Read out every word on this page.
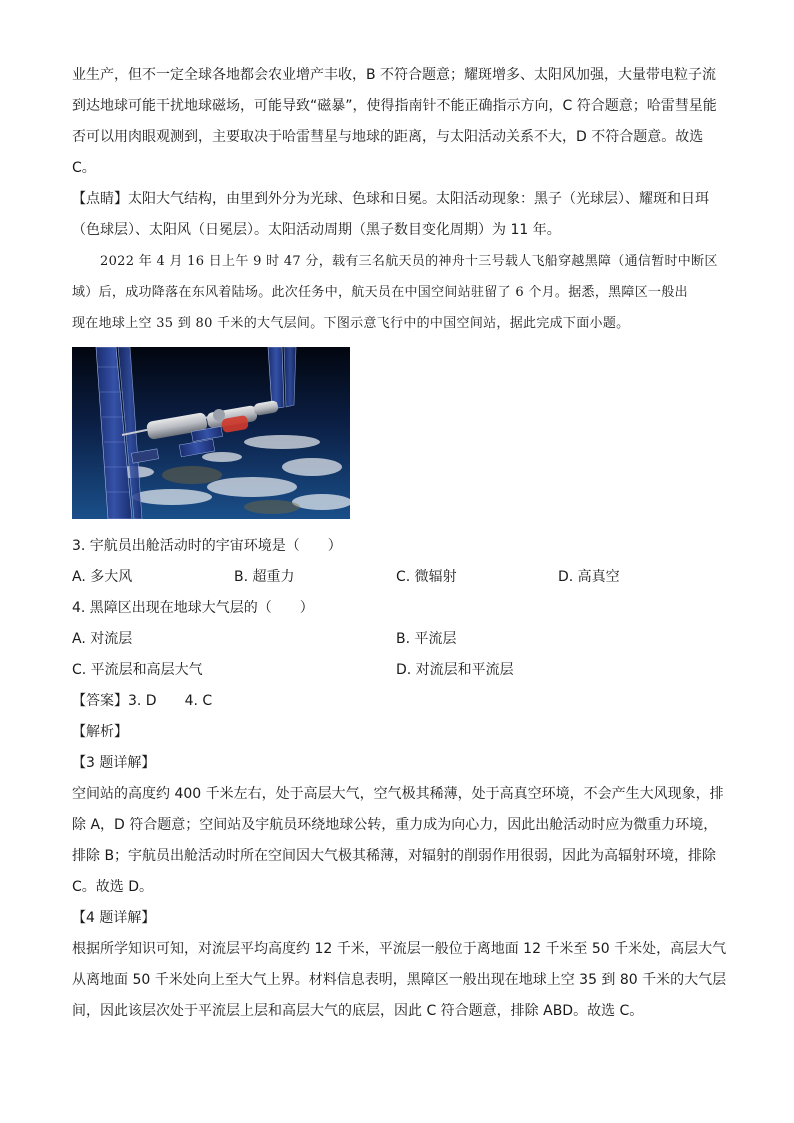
业生产，但不一定全球各地都会农业增产丰收，B 不符合题意；耀斑增多、太阳风加强，大量带电粒子流
到达地球可能干扰地球磁场，可能导致“磁暴”，使得指南针不能正确指示方向，C 符合题意；哈雷彗星能
否可以用肉眼观测到，主要取决于哈雷彗星与地球的距离，与太阳活动关系不大，D 不符合题意。故选
C。
【点睛】太阳大气结构，由里到外分为光球、色球和日冕。太阳活动现象：黑子（光球层）、耀斑和日珥
（色球层）、太阳风（日冕层）。太阳活动周期（黑子数目变化周期）为 11 年。
2022 年 4 月 16 日上午 9 时 47 分，载有三名航天员的神舟十三号载人飞船穿越黑障（通信暂时中断区
域）后，成功降落在东风着陆场。此次任务中，航天员在中国空间站驻留了 6 个月。据悉，黑障区一般出
现在地球上空 35 到 80 千米的大气层间。下图示意飞行中的中国空间站，据此完成下面小题。
3. 宇航员出舱活动时的宇宙环境是（　　）
A. 多大风	B. 超重力	C. 微辐射	D. 高真空
4. 黑障区出现在地球大气层的（　　）
A. 对流层	B. 平流层
C. 平流层和高层大气	D. 对流层和平流层
【答案】3. D　　4. C
【解析】
【3 题详解】
空间站的高度约 400 千米左右，处于高层大气，空气极其稀薄，处于高真空环境，不会产生大风现象，排
除 A，D 符合题意；空间站及宇航员环绕地球公转，重力成为向心力，因此出舱活动时应为微重力环境，
排除 B；宇航员出舱活动时所在空间因大气极其稀薄，对辐射的削弱作用很弱，因此为高辐射环境，排除
C。故选 D。
【4 题详解】
根据所学知识可知，对流层平均高度约 12 千米，平流层一般位于离地面 12 千米至 50 千米处，高层大气
从离地面 50 千米处向上至大气上界。材料信息表明，黑障区一般出现在地球上空 35 到 80 千米的大气层
间，因此该层次处于平流层上层和高层大气的底层，因此 C 符合题意，排除 ABD。故选 C。
